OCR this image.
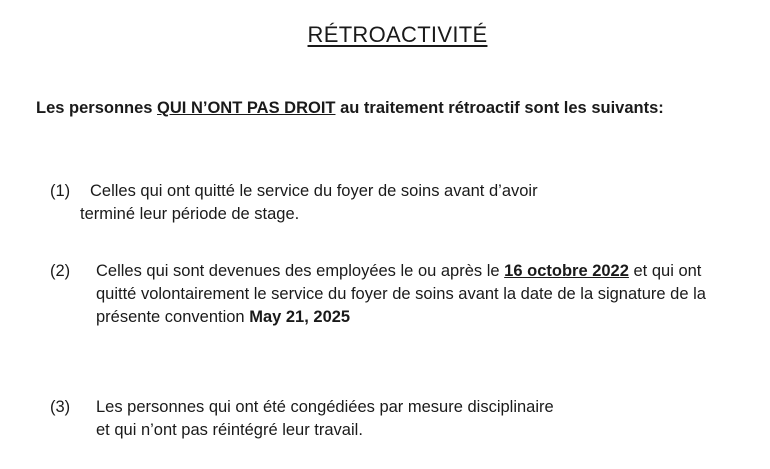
RÉTROACTIVITÉ

Les personnes QUI N’ONT PAS DROIT au traitement rétroactif sont les suivants:

(1)	Celles qui ont quitté le service du foyer de soins avant d’avoir
terminé leur période de stage.
(2) Celles qui sont devenues des employées le ou après le 16 octobre 2022 et qui ont quitté volontairement le service du foyer de soins avant la date de la signature de la présente convention May 21, 2025
(3) Les personnes qui ont été congédiées par mesure disciplinaire
et qui n’ont pas réintégré leur travail.
